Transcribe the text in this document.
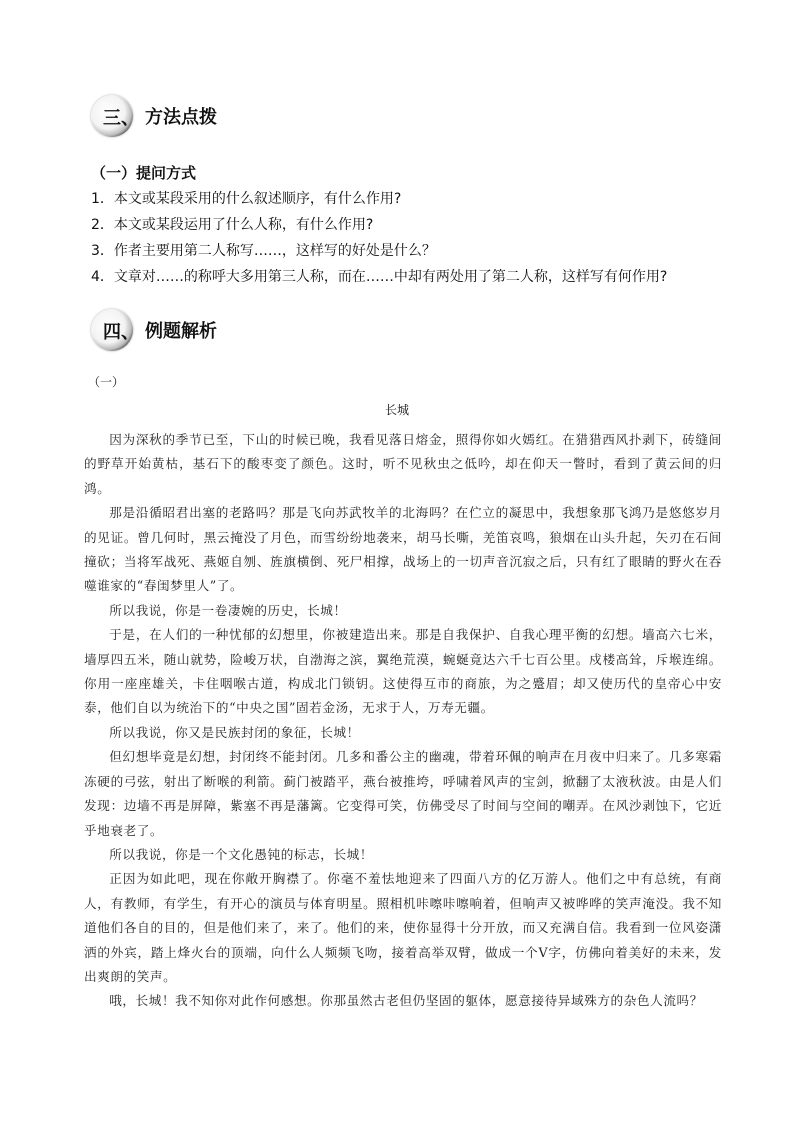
三、 方法点拨
（一）提问方式
1．本文或某段采用的什么叙述顺序，有什么作用?
2．本文或某段运用了什么人称，有什么作用?
3．作者主要用第二人称写……，这样写的好处是什么？
4．文章对……的称呼大多用第三人称，而在……中却有两处用了第二人称，这样写有何作用?
四、 例题解析
（一）
长城

因为深秋的季节已至，下山的时候已晚，我看见落日熔金，照得你如火嫣红。在猎猎西风扑剥下，砖缝间的野草开始黄枯，基石下的酸枣变了颜色。这时，听不见秋虫之低吟，却在仰天一瞥时，看到了黄云间的归鸿。

那是沿循昭君出塞的老路吗？那是飞向苏武牧羊的北海吗？在伫立的凝思中，我想象那飞鸿乃是悠悠岁月的见证。曾几何时，黑云掩没了月色，而雪纷纷地袭来，胡马长嘶，羌笛哀鸣，狼烟在山头升起，矢刃在石间撞砍；当将军战死、燕姬自刎、旌旗横倒、死尸相撑，战场上的一切声音沉寂之后，只有红了眼睛的野火在吞噬谁家的“春闺梦里人”了。

所以我说，你是一卷凄婉的历史，长城！

于是，在人们的一种忧郁的幻想里，你被建造出来。那是自我保护、自我心理平衡的幻想。墙高六七米，墙厚四五米，随山就势，险峻万状，自渤海之滨，翼绝荒漠，蜿蜒竟达六千七百公里。戍楼高耸，斥堠连绵。你用一座座雄关，卡住咽喉古道，构成北门锁钥。这使得互市的商旅，为之蹙眉；却又使历代的皇帝心中安泰，他们自以为统治下的“中央之国”固若金汤，无求于人，万寿无疆。

所以我说，你又是民族封闭的象征，长城！

但幻想毕竟是幻想，封闭终不能封闭。几多和番公主的幽魂，带着环佩的响声在月夜中归来了。几多寒霜冻硬的弓弦，射出了断喉的利箭。蓟门被踏平，燕台被推垮，呼啸着风声的宝剑，掀翻了太液秋波。由是人们发现：边墙不再是屏障，紫塞不再是藩篱。它变得可笑，仿佛受尽了时间与空间的嘲弄。在风沙剥蚀下，它近乎地衰老了。

所以我说，你是一个文化愚钝的标志，长城！

正因为如此吧，现在你敞开胸襟了。你毫不羞怯地迎来了四面八方的亿万游人。他们之中有总统，有商人，有教师，有学生，有开心的演员与体育明星。照相机咔嚓咔嚓响着，但响声又被哗哗的笑声淹没。我不知道他们各自的目的，但是他们来了，来了。他们的来，使你显得十分开放，而又充满自信。我看到一位风姿潇洒的外宾，踏上烽火台的顶端，向什么人频频飞吻，接着高举双臂，做成一个V字，仿佛向着美好的未来，发出爽朗的笑声。

哦，长城！我不知你对此作何感想。你那虽然古老但仍坚固的躯体，愿意接待异域殊方的杂色人流吗？
